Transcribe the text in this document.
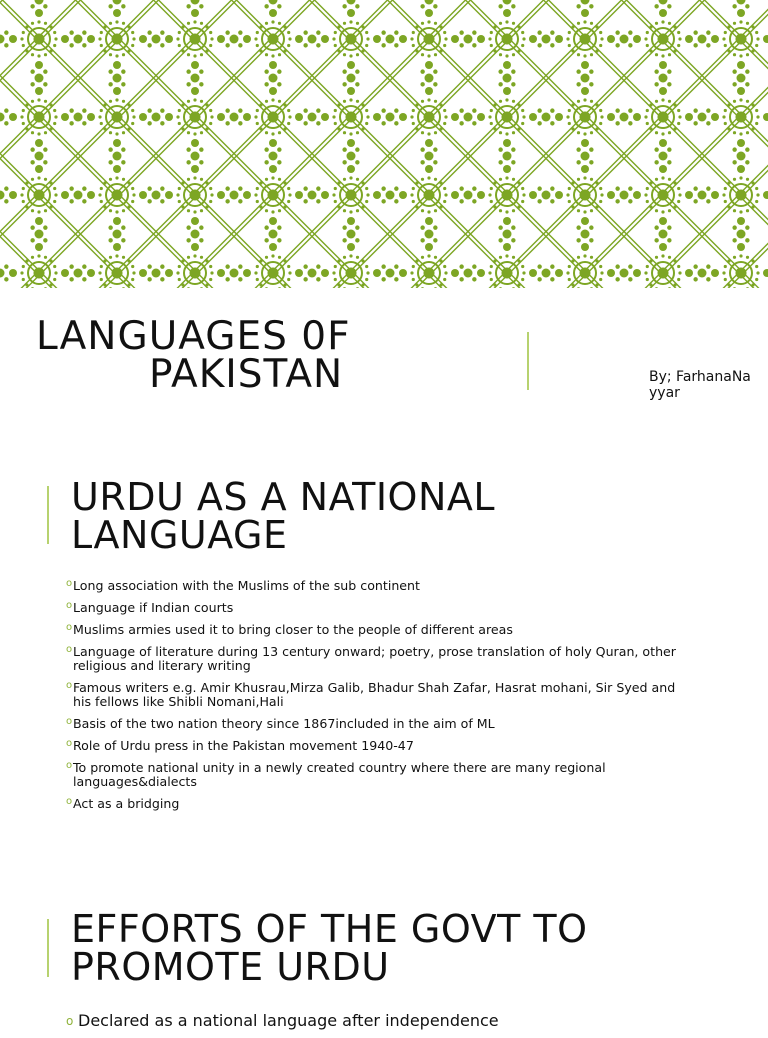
LANGUAGES 0F
PAKISTAN	By; FarhanaNayyar
URDU AS A NATIONAL
LANGUAGE
o Long association with the Muslims of the sub continent
o Language if Indian courts
o Muslims armies used it to bring closer to the people of different areas
o Language of literature during 13 century onward; poetry, prose translation of holy Quran, other religious and literary writing
o Famous writers e.g. Amir Khusrau,Mirza Galib, Bhadur Shah Zafar, Hasrat mohani, Sir Syed and his fellows like Shibli Nomani,Hali
o Basis of the two nation theory since 1867included in the aim of ML
o Role of Urdu press in the Pakistan movement 1940-47
o To promote national unity in a newly created country where there are many regional languages&dialects
o Act as a bridging
EFFORTS OF THE GOVT TO
PROMOTE URDU
o Declared as a national language after independence
